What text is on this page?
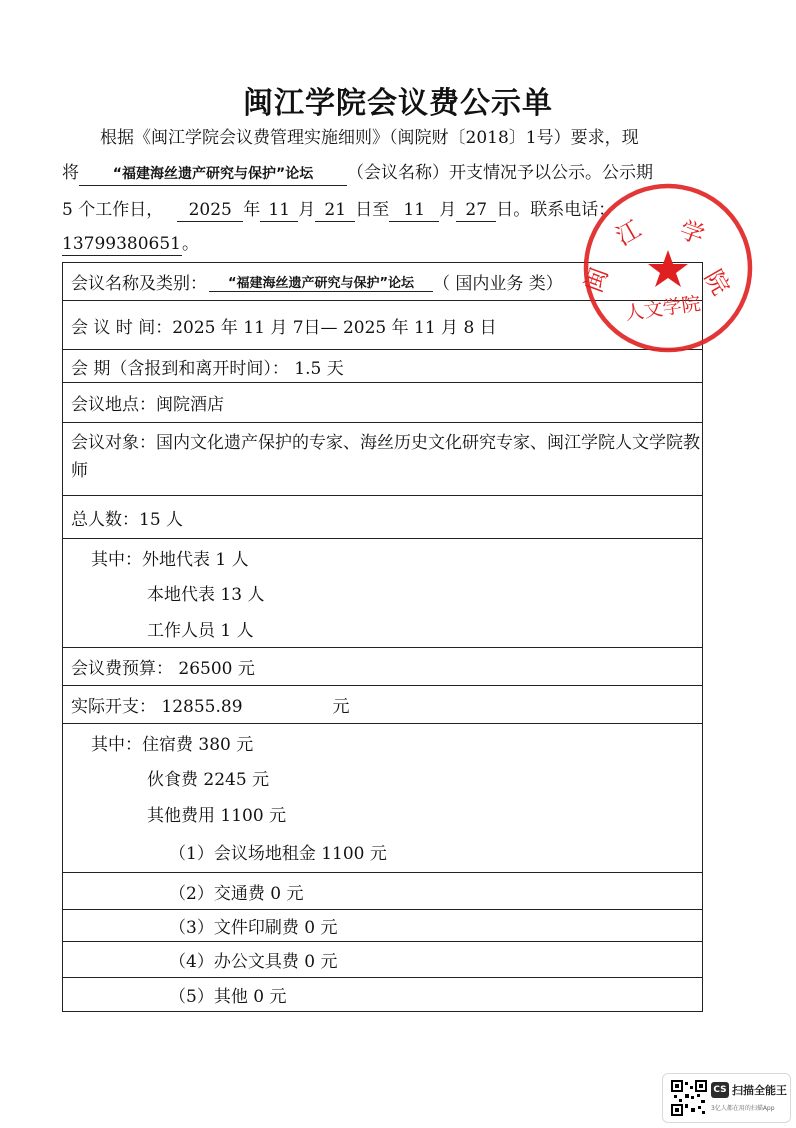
闽江学院会议费公示单
根据《闽江学院会议费管理实施细则》（闽院财〔2018〕1号）要求，现
将 “福建海丝遗产研究与保护”论坛 （会议名称）开支情况予以公示。公示期
5 个工作日， 2025 年 11 月 21 日至 11 月 27 日。联系电话：
13799380651。
会议名称及类别：	“福建海丝遗产研究与保护”论坛	（ 国内业务 类）
会 议 时 间：2025 年 11 月 7日— 2025 年 11 月 8 日
会 期（含报到和离开时间）： 1.5 天
会议地点：闽院酒店
会议对象：国内文化遗产保护的专家、海丝历史文化研究专家、闽江学院人文学院教师
总人数：15 人
其中：外地代表 1 人
本地代表 13 人
工作人员 1 人
会议费预算： 26500 元
实际开支： 12855.89	元
其中：住宿费 380 元
伙食费 2245 元
其他费用 1100 元
（1）会议场地租金 1100 元
（2）交通费 0 元
（3）文件印刷费 0 元
（4）办公文具费 0 元
（5）其他 0 元
江 学
院
闽
人文学院
CS 扫描全能王
3亿人都在用的扫描App
